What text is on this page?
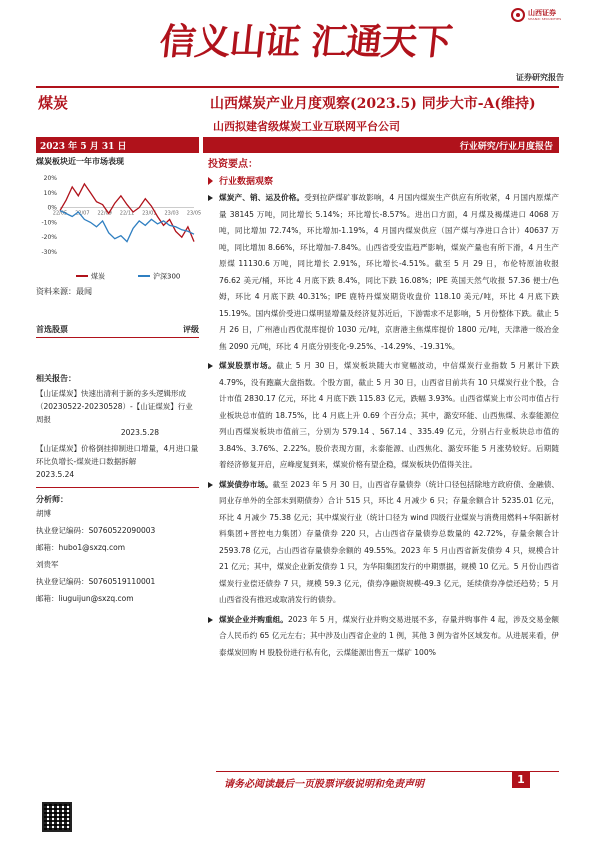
信义山证 汇通天下
山西证券
SHANXI SECURITIES
证券研究报告
煤炭	山西煤炭产业月度观察(2023.5) 同步大市-A(维持)
山西拟建省级煤炭工业互联网平台公司
2023 年 5 月 31 日	行业研究/行业月度报告
煤炭板块近一年市场表现
20%
10%
0%
-10%
-20%
-30%
22/05 22/07 22/09 22/11 23/01 23/03 23/05
煤炭	沪深300
资料来源：最闻
首选股票	评级
相关报告：
【山证煤炭】快速出清利于新的多头逻辑形成（20230522-20230528）-【山证煤炭】行业周报
2023.5.28
【山证煤炭】价格倒挂抑制进口增量，4月进口量环比负增长-煤炭进口数据拆解
2023.5.24
分析师：
胡博
执业登记编码：S0760522090003
邮箱：hubo1@sxzq.com
刘贵军
执业登记编码：S0760519110001
邮箱：liuguijun@sxzq.com
投资要点：
行业数据观察
煤炭产、销、运及价格。受到拉萨煤矿事故影响，4 月国内煤炭生产供应有所收紧，4 月国内原煤产量 38145 万吨，同比增长 5.14%；环比增长-8.57%。进出口方面，4 月煤及褐煤进口 4068 万吨，同比增加 72.74%，环比增加-1.19%，4 月国内煤炭供应（国产煤与净进口合计）40637 万吨，同比增加 8.66%，环比增加-7.84%。山西省受安监趋严影响，煤炭产量也有所下滑，4 月生产原煤 11130.6 万吨，同比增长 2.91%，环比增长-4.51%。截至 5 月 29 日，布伦特原油收报 76.62 美元/桶，环比 4 月底下跌 8.4%，同比下跌 16.08%；IPE 英国天然气收报 57.36 便士/色姆，环比 4 月底下跌 40.31%；IPE 鹿特丹煤炭期货收盘价 118.10 美元/吨，环比 4 月底下跌 15.19%。国内煤价受进口煤明显增量及经济复苏近后，下游需求不足影响，5 月份整体下跌。截止 5 月 26 日，广州港山西优混库提价 1030 元/吨，京唐港主焦煤库提价 1800 元/吨，天津港一级冶金焦 2090 元/吨，环比 4 月底分别变化-9.25%、-14.29%、-19.31%。
煤炭股票市场。截止 5 月 30 日，煤炭板块随大市宽幅波动，中信煤炭行业指数 5 月累计下跌 4.79%，没有跑赢大盘指数。个股方面，截止 5 月 30 日，山西省目前共有 10 只煤炭行业个股，合计市值 2830.17 亿元，环比 4 月底下跌 115.83 亿元，跌幅 3.93%。山西省煤炭上市公司市值占行业板块总市值的 18.75%，比 4 月底上升 0.69 个百分点；其中，潞安环能、山西焦煤、永泰能源位列山西煤炭板块市值前三，分别为 579.14 、567.14 、335.49 亿元，分别占行业板块总市值的 3.84%、3.76%、2.22%。股价表现方面，永泰能源、山西焦化、潞安环能 5 月涨势较好。后期随着经济修复开启，应峰度复到来，煤炭价格有望企稳，煤炭板块仍值得关注。
煤炭债券市场。截至 2023 年 5 月 30 日，山西省存量债券（统计口径包括除地方政府债、金融债、同业存单外的全部未到期债券）合计 515 只，环比 4 月减少 6 只；存量余额合计 5235.01 亿元，环比 4 月减少 75.38 亿元；其中煤炭行业（统计口径为 wind 四级行业煤炭与消费用燃料+华阳新材料集团+晋控电力集团）存量债券 220 只，占山西省存量债券总数量的 42.72%，存量余额合计 2593.78 亿元，占山西省存量债券余额的 49.55%。2023 年 5 月山西省新发债券 4 只，规模合计 21 亿元；其中，煤炭企业新发债券 1 只，为华阳集团发行的中期票据，规模 10 亿元。5 月份山西省煤炭行业偿还债券 7 只，规模 59.3 亿元，债券净融资规模-49.3 亿元，延续债券净偿还趋势；5 月山西省没有推迟或取消发行的债券。
煤炭企业并购重组。2023 年 5 月，煤炭行业并购交易进展不多，存量并购事件 4 起，涉及交易金额合人民币约 65 亿元左右；其中涉及山西省企业的 1 例，其他 3 例为省外区域发布。从进展来看，伊泰煤炭回购 H 股股份进行私有化，云煤能源出售五一煤矿 100%
请务必阅读最后一页股票评级说明和免责声明	1
